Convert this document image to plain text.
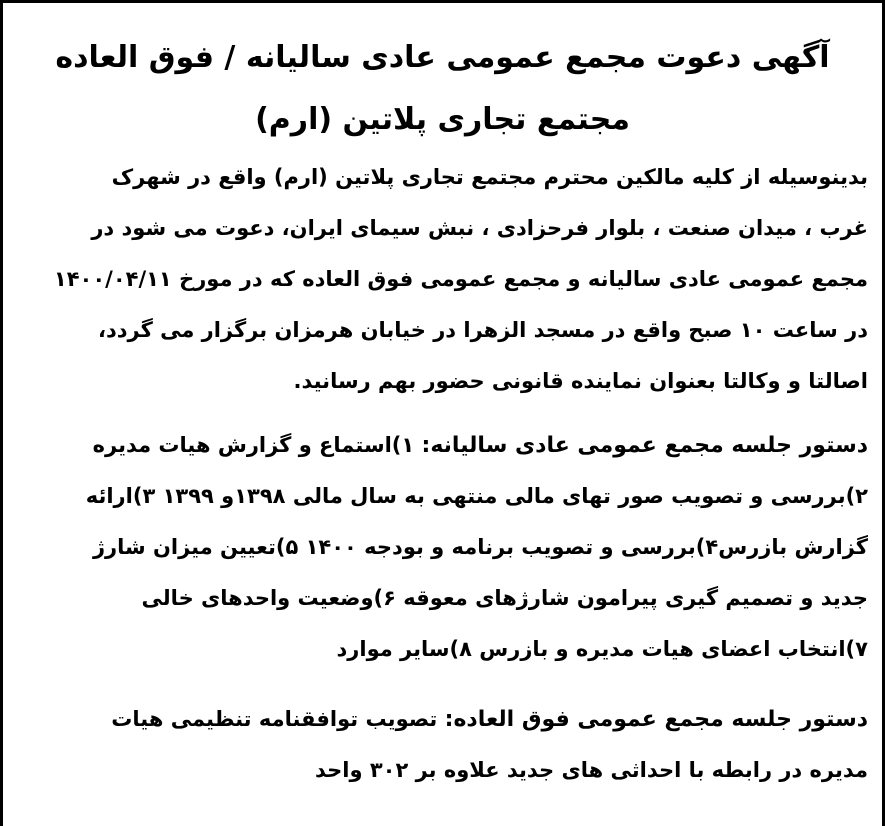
آگهی دعوت مجمع عمومی عادی سالیانه / فوق العاده
مجتمع تجاری پلاتین (ارم)
بدینوسیله از کلیه مالکین محترم مجتمع تجاری پلاتین (ارم) واقع در شهرک
غرب ، میدان صنعت ، بلوار فرحزادی ، نبش سیمای ایران، دعوت می شود در
مجمع عمومی عادی سالیانه و مجمع عمومی فوق العاده که در مورخ ۱۴۰۰/۰۴/۱۱
در ساعت ۱۰ صبح واقع در مسجد الزهرا در خیابان هرمزان برگزار می گردد،
اصالتا و وکالتا بعنوان نماینده قانونی حضور بهم رسانید.
دستور جلسه مجمع عمومی عادی سالیانه: ۱)استماع و گزارش هیات مدیره
۲)بررسی و تصویب صور تهای مالی منتهی به سال مالی ۱۳۹۸و ۱۳۹۹ ۳)ارائه
گزارش بازرس۴)بررسی و تصویب برنامه و بودجه ۱۴۰۰ ۵)تعیین میزان شارژ
جدید و تصمیم گیری پیرامون شارژهای معوقه ۶)وضعیت واحدهای خالی
۷)انتخاب اعضای هیات مدیره و بازرس ۸)سایر موارد
دستور جلسه مجمع عمومی فوق العاده: تصویب توافقنامه تنظیمی هیات
مدیره در رابطه با احداثی های جدید علاوه بر ۳۰۲ واحد
